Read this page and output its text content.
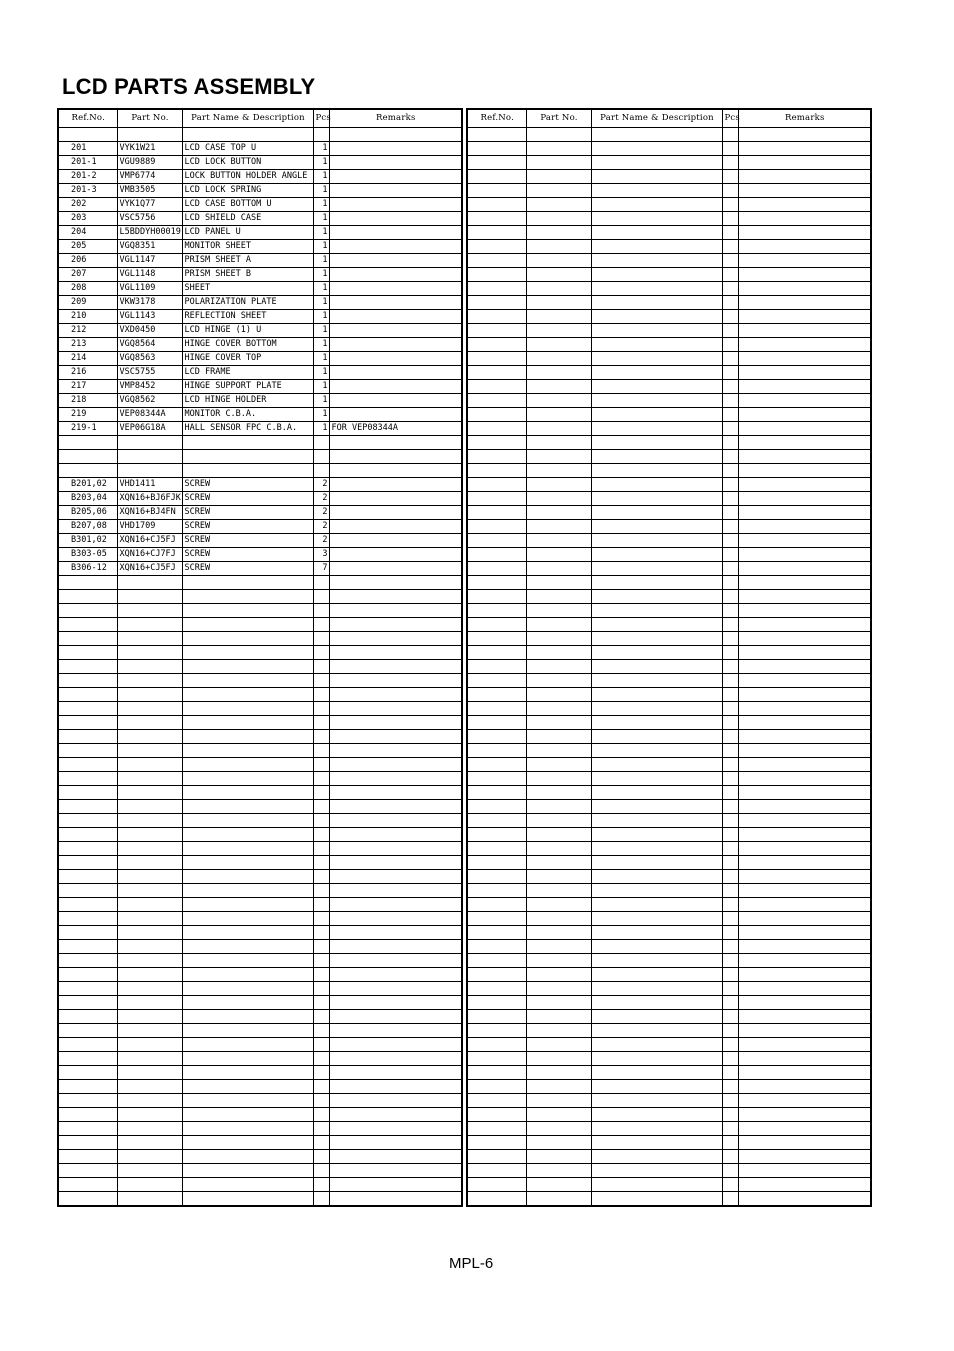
LCD PARTS ASSEMBLY
Ref.No.	Part No.	Part Name & Description	Pcs	Remarks

201	VYK1W21	LCD CASE TOP U	1	
201-1	VGU9889	LCD LOCK BUTTON	1	
201-2	VMP6774	LOCK BUTTON HOLDER ANGLE	1	
201-3	VMB3505	LCD LOCK SPRING	1	
202	VYK1Q77	LCD CASE BOTTOM U	1	
203	VSC5756	LCD SHIELD CASE	1	
204	L5BDDYH00019	LCD PANEL U	1	
205	VGQ8351	MONITOR SHEET	1	
206	VGL1147	PRISM SHEET A	1	
207	VGL1148	PRISM SHEET B	1	
208	VGL1109	SHEET	1	
209	VKW3178	POLARIZATION PLATE	1	
210	VGL1143	REFLECTION SHEET	1	
212	VXD0450	LCD HINGE (1) U	1	
213	VGQ8564	HINGE COVER BOTTOM	1	
214	VGQ8563	HINGE COVER TOP	1	
216	VSC5755	LCD FRAME	1	
217	VMP8452	HINGE SUPPORT PLATE	1	
218	VGQ8562	LCD HINGE HOLDER	1	
219	VEP08344A	MONITOR C.B.A.	1	
219-1	VEP06G18A	HALL SENSOR FPC C.B.A.	1	FOR VEP08344A

B201,02	VHD1411	SCREW	2	
B203,04	XQN16+BJ6FJK	SCREW	2	
B205,06	XQN16+BJ4FN	SCREW	2	
B207,08	VHD1709	SCREW	2	
B301,02	XQN16+CJ5FJ	SCREW	2	
B303-05	XQN16+CJ7FJ	SCREW	3	
B306-12	XQN16+CJ5FJ	SCREW	7	

Ref.No.	Part No.	Part Name & Description	Pcs	Remarks

MPL-6
